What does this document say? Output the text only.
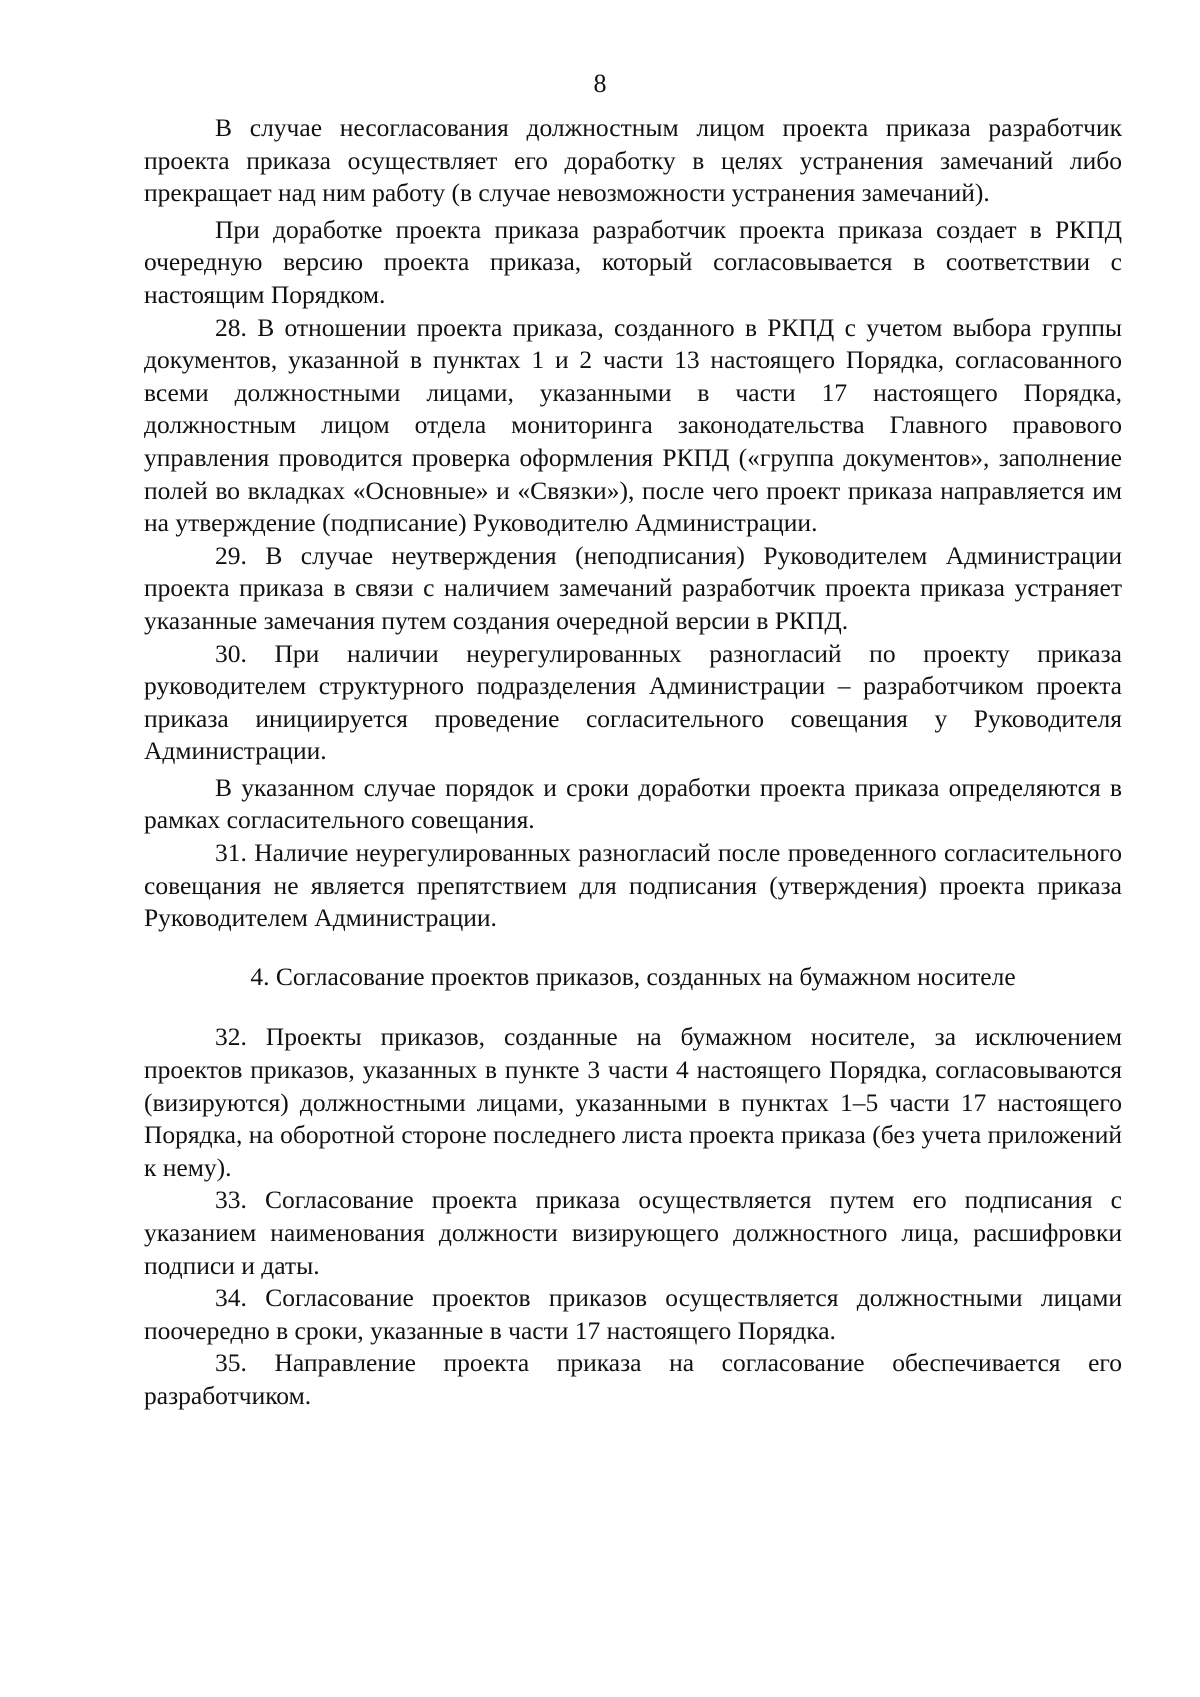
8

В случае несогласования должностным лицом проекта приказа разработчик проекта приказа осуществляет его доработку в целях устранения замечаний либо прекращает над ним работу (в случае невозможности устранения замечаний).

При доработке проекта приказа разработчик проекта приказа создает в РКПД очередную версию проекта приказа, который согласовывается в соответствии с настоящим Порядком.

28. В отношении проекта приказа, созданного в РКПД с учетом выбора группы документов, указанной в пунктах 1 и 2 части 13 настоящего Порядка, согласованного всеми должностными лицами, указанными в части 17 настоящего Порядка, должностным лицом отдела мониторинга законодательства Главного правового управления проводится проверка оформления РКПД («группа документов», заполнение полей во вкладках «Основные» и «Связки»), после чего проект приказа направляется им на утверждение (подписание) Руководителю Администрации.

29. В случае неутверждения (неподписания) Руководителем Администрации проекта приказа в связи с наличием замечаний разработчик проекта приказа устраняет указанные замечания путем создания очередной версии в РКПД.

30. При наличии неурегулированных разногласий по проекту приказа руководителем структурного подразделения Администрации – разработчиком проекта приказа инициируется проведение согласительного совещания у Руководителя Администрации.

В указанном случае порядок и сроки доработки проекта приказа определяются в рамках согласительного совещания.

31. Наличие неурегулированных разногласий после проведенного согласительного совещания не является препятствием для подписания (утверждения) проекта приказа Руководителем Администрации.

4. Согласование проектов приказов, созданных на бумажном носителе

32. Проекты приказов, созданные на бумажном носителе, за исключением проектов приказов, указанных в пункте 3 части 4 настоящего Порядка, согласовываются (визируются) должностными лицами, указанными в пунктах 1–5 части 17 настоящего Порядка, на оборотной стороне последнего листа проекта приказа (без учета приложений к нему).

33. Согласование проекта приказа осуществляется путем его подписания с указанием наименования должности визирующего должностного лица, расшифровки подписи и даты.

34. Согласование проектов приказов осуществляется должностными лицами поочередно в сроки, указанные в части 17 настоящего Порядка.

35. Направление проекта приказа на согласование обеспечивается его разработчиком.
